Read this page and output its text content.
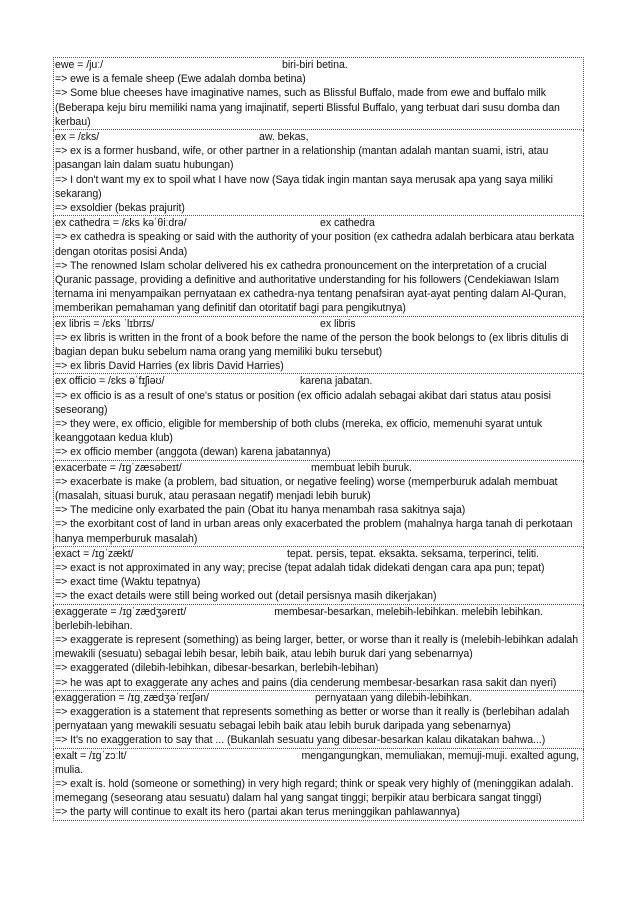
ewe = /juː/	biri-biri betina.
=> ewe is a female sheep (Ewe adalah domba betina)
=> Some blue cheeses have imaginative names, such as Blissful Buffalo, made from ewe and buffalo milk (Beberapa keju biru memiliki nama yang imajinatif, seperti Blissful Buffalo, yang terbuat dari susu domba dan kerbau)
ex = /ɛks/	aw. bekas,
=> ex is a former husband, wife, or other partner in a relationship (mantan adalah mantan suami, istri, atau pasangan lain dalam suatu hubungan)
=> I don't want my ex to spoil what I have now (Saya tidak ingin mantan saya merusak apa yang saya miliki sekarang)
=> exsoldier (bekas prajurit)
ex cathedra = /ɛks kəˈθiːdrə/	ex cathedra
=> ex cathedra is speaking or said with the authority of your position (ex cathedra adalah berbicara atau berkata dengan otoritas posisi Anda)
=> The renowned Islam scholar delivered his ex cathedra pronouncement on the interpretation of a crucial Quranic passage, providing a definitive and authoritative understanding for his followers (Cendekiawan Islam ternama ini menyampaikan pernyataan ex cathedra-nya tentang penafsiran ayat-ayat penting dalam Al-Quran, memberikan pemahaman yang definitif dan otoritatif bagi para pengikutnya)
ex libris = /ɛks ˈlɪbrɪs/	ex libris
=> ex libris is written in the front of a book before the name of the person the book belongs to (ex libris ditulis di bagian depan buku sebelum nama orang yang memiliki buku tersebut)
=> ex libris David Harries (ex libris David Harries)
ex officio = /ɛks əˈfɪʃiəʊ/	karena jabatan.
=> ex officio is as a result of one's status or position (ex officio adalah sebagai akibat dari status atau posisi seseorang)
=> they were, ex officio, eligible for membership of both clubs (mereka, ex officio, memenuhi syarat untuk keanggotaan kedua klub)
=> ex officio member (anggota (dewan) karena jabatannya)
exacerbate = /ɪɡˈzæsəbeɪt/	membuat lebih buruk.
=> exacerbate is make (a problem, bad situation, or negative feeling) worse (memperburuk adalah membuat (masalah, situasi buruk, atau perasaan negatif) menjadi lebih buruk)
=> The medicine only exarbated the pain (Obat itu hanya menambah rasa sakitnya saja)
=> the exorbitant cost of land in urban areas only exacerbated the problem (mahalnya harga tanah di perkotaan hanya memperburuk masalah)
exact = /ɪɡˈzækt/	tepat. persis, tepat. eksakta. seksama, terperinci, teliti.
=> exact is not approximated in any way; precise (tepat adalah tidak didekati dengan cara apa pun; tepat)
=> exact time (Waktu tepatnya)
=> the exact details were still being worked out (detail persisnya masih dikerjakan)
exaggerate = /ɪɡˈzædʒəreɪt/	membesar-besarkan, melebih-lebihkan. melebih lebihkan. berlebih-lebihan.
=> exaggerate is represent (something) as being larger, better, or worse than it really is (melebih-lebihkan adalah mewakili (sesuatu) sebagai lebih besar, lebih baik, atau lebih buruk dari yang sebenarnya)
=> exaggerated (dilebih-lebihkan, dibesar-besarkan, berlebih-lebihan)
=> he was apt to exaggerate any aches and pains (dia cenderung membesar-besarkan rasa sakit dan nyeri)
exaggeration = /ɪɡˌzædʒəˈreɪʃən/	pernyataan yang dilebih-lebihkan.
=> exaggeration is a statement that represents something as better or worse than it really is (berlebihan adalah pernyataan yang mewakili sesuatu sebagai lebih baik atau lebih buruk daripada yang sebenarnya)
=> It's no exaggeration to say that ... (Bukanlah sesuatu yang dibesar-besarkan kalau dikatakan bahwa...)
exalt = /ɪɡˈzɔːlt/	mengangungkan, memuliakan, memuji-muji. exalted agung, mulia.
=> exalt is. hold (someone or something) in very high regard; think or speak very highly of (meninggikan adalah. memegang (seseorang atau sesuatu) dalam hal yang sangat tinggi; berpikir atau berbicara sangat tinggi)
=> the party will continue to exalt its hero (partai akan terus meninggikan pahlawannya)
